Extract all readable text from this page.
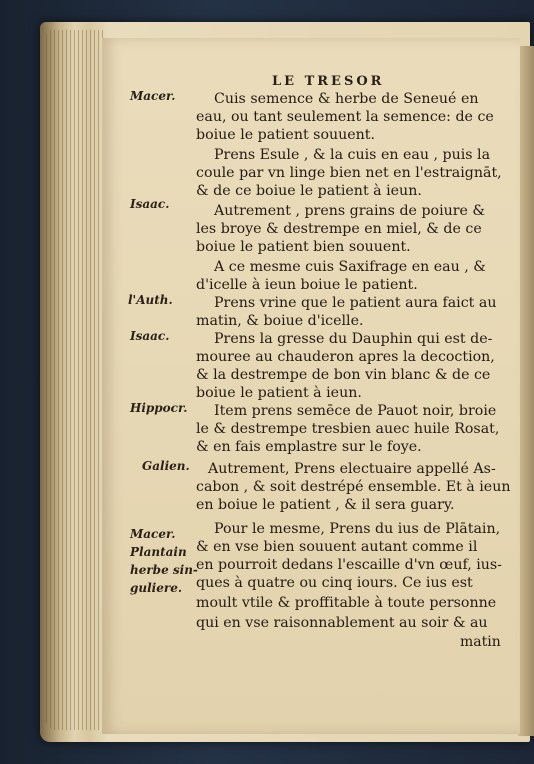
LE TRESOR
Macer.
Isaac.
l'Auth.
Isaac.
Hippocr.
Galien.
Macer.
Plantain
herbe sin-
guliere.
Cuis semence & herbe de Seneué en
eau, ou tant seulement la semence: de ce
boiue le patient souuent.
Prens Esule , & la cuis en eau , puis la
coule par vn linge bien net en l'estraignāt,
& de ce boiue le patient à ieun.
Autrement , prens grains de poiure &
les broye & destrempe en miel, & de ce
boiue le patient bien souuent.
A ce mesme cuis Saxifrage en eau , &
d'icelle à ieun boiue le patient.
Prens vrine que le patient aura faict au
matin, & boiue d'icelle.
Prens la gresse du Dauphin qui est de-
mouree au chauderon apres la decoction,
& la destrempe de bon vin blanc & de ce
boiue le patient à ieun.
Item prens semēce de Pauot noir, broie
le & destrempe tresbien auec huile Rosat,
& en fais emplastre sur le foye.
Autrement, Prens electuaire appellé As-
cabon , & soit destrépé ensemble. Et à ieun
en boiue le patient , & il sera guary.
Pour le mesme, Prens du ius de Plātain,
& en vse bien souuent autant comme il
en pourroit dedans l'escaille d'vn œuf, ius-
ques à quatre ou cinq iours. Ce ius est
moult vtile & proffitable à toute personne
qui en vse raisonnablement au soir & au
matin
